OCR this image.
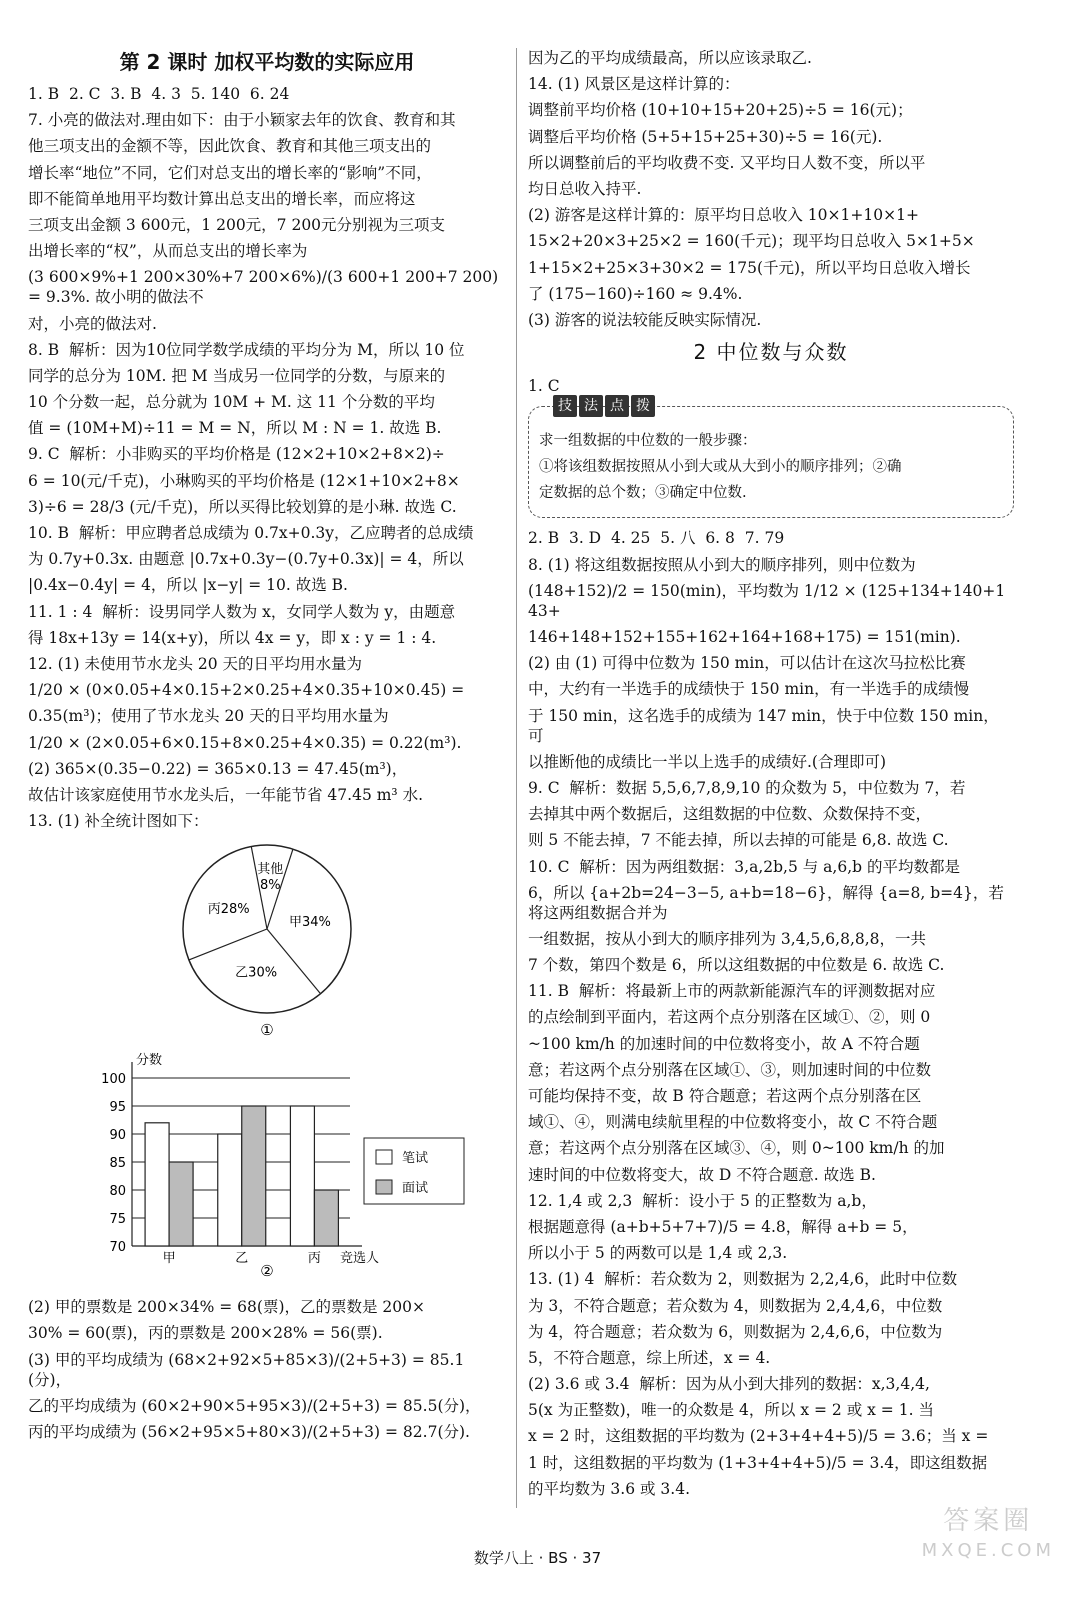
第 2 课时 加权平均数的实际应用
1. B  2. C  3. B  4. 3  5. 140  6. 24
7. 小亮的做法对.理由如下：由于小颖家去年的饮食、教育和其
他三项支出的金额不等，因此饮食、教育和其他三项支出的
增长率“地位”不同，它们对总支出的增长率的“影响”不同，
即不能简单地用平均数计算出总支出的增长率，而应将这
三项支出金额 3 600元，1 200元，7 200元分别视为三项支
出增长率的“权”，从而总支出的增长率为
(3 600×9%+1 200×30%+7 200×6%)/(3 600+1 200+7 200) = 9.3%. 故小明的做法不
对，小亮的做法对.
8. B  解析：因为10位同学数学成绩的平均分为 M，所以 10 位
同学的总分为 10M. 把 M 当成另一位同学的分数，与原来的
10 个分数一起，总分就为 10M + M. 这 11 个分数的平均
值 = (10M+M)÷11 = M = N，所以 M : N = 1. 故选 B.
9. C  解析：小非购买的平均价格是 (12×2+10×2+8×2)÷
6 = 10(元/千克)，小琳购买的平均价格是 (12×1+10×2+8×
3)÷6 = 28/3 (元/千克)，所以买得比较划算的是小琳. 故选 C.
10. B  解析：甲应聘者总成绩为 0.7x+0.3y，乙应聘者的总成绩
为 0.7y+0.3x. 由题意 |0.7x+0.3y−(0.7y+0.3x)| = 4，所以
|0.4x−0.4y| = 4，所以 |x−y| = 10. 故选 B.
11. 1 : 4  解析：设男同学人数为 x，女同学人数为 y，由题意
得 18x+13y = 14(x+y)，所以 4x = y，即 x : y = 1 : 4.
12. (1) 未使用节水龙头 20 天的日平均用水量为
1/20 × (0×0.05+4×0.15+2×0.25+4×0.35+10×0.45) =
0.35(m³)；使用了节水龙头 20 天的日平均用水量为
1/20 × (2×0.05+6×0.15+8×0.25+4×0.35) = 0.22(m³).
(2) 365×(0.35−0.22) = 365×0.13 = 47.45(m³)，
故估计该家庭使用节水龙头后，一年能节省 47.45 m³ 水.
13. (1) 补全统计图如下：
甲34%
乙30%
丙28%
其他
8%
①
分数
70
75
80
85
90
95
100
甲	乙	丙 竞选人
笔试
面试
②
(2) 甲的票数是 200×34% = 68(票)，乙的票数是 200×
30% = 60(票)，丙的票数是 200×28% = 56(票).
(3) 甲的平均成绩为 (68×2+92×5+85×3)/(2+5+3) = 85.1(分)，
乙的平均成绩为 (60×2+90×5+95×3)/(2+5+3) = 85.5(分)，
丙的平均成绩为 (56×2+95×5+80×3)/(2+5+3) = 82.7(分).
因为乙的平均成绩最高，所以应该录取乙.
14. (1) 风景区是这样计算的：
调整前平均价格 (10+10+15+20+25)÷5 = 16(元)；
调整后平均价格 (5+5+15+25+30)÷5 = 16(元).
所以调整前后的平均收费不变. 又平均日人数不变，所以平
均日总收入持平.
(2) 游客是这样计算的：原平均日总收入 10×1+10×1+
15×2+20×3+25×2 = 160(千元)；现平均日总收入 5×1+5×
1+15×2+25×3+30×2 = 175(千元)，所以平均日总收入增长
了 (175−160)÷160 ≈ 9.4%.
(3) 游客的说法较能反映实际情况.
2 中位数与众数
1. C
技 法 点 拨
求一组数据的中位数的一般步骤：
①将该组数据按照从小到大或从大到小的顺序排列；②确
定数据的总个数；③确定中位数.
2. B  3. D  4. 25  5. 八  6. 8  7. 79
8. (1) 将这组数据按照从小到大的顺序排列，则中位数为
(148+152)/2 = 150(min)，平均数为 1/12 × (125+134+140+143+
146+148+152+155+162+164+168+175) = 151(min).
(2) 由 (1) 可得中位数为 150 min，可以估计在这次马拉松比赛
中，大约有一半选手的成绩快于 150 min，有一半选手的成绩慢
于 150 min，这名选手的成绩为 147 min，快于中位数 150 min，可
以推断他的成绩比一半以上选手的成绩好.(合理即可)
9. C  解析：数据 5,5,6,7,8,9,10 的众数为 5，中位数为 7，若
去掉其中两个数据后，这组数据的中位数、众数保持不变，
则 5 不能去掉，7 不能去掉，所以去掉的可能是 6,8. 故选 C.
10. C  解析：因为两组数据：3,a,2b,5 与 a,6,b 的平均数都是
6，所以 {a+2b=24−3−5, a+b=18−6}，解得 {a=8, b=4}，若将这两组数据合并为
一组数据，按从小到大的顺序排列为 3,4,5,6,8,8,8，一共
7 个数，第四个数是 6，所以这组数据的中位数是 6. 故选 C.
11. B  解析：将最新上市的两款新能源汽车的评测数据对应
的点绘制到平面内，若这两个点分别落在区域①、②，则 0
~100 km/h 的加速时间的中位数将变小，故 A 不符合题
意；若这两个点分别落在区域①、③，则加速时间的中位数
可能均保持不变，故 B 符合题意；若这两个点分别落在区
域①、④，则满电续航里程的中位数将变小，故 C 不符合题
意；若这两个点分别落在区域③、④，则 0~100 km/h 的加
速时间的中位数将变大，故 D 不符合题意. 故选 B.
12. 1,4 或 2,3  解析：设小于 5 的正整数为 a,b，
根据题意得 (a+b+5+7+7)/5 = 4.8，解得 a+b = 5，
所以小于 5 的两数可以是 1,4 或 2,3.
13. (1) 4  解析：若众数为 2，则数据为 2,2,4,6，此时中位数
为 3，不符合题意；若众数为 4，则数据为 2,4,4,6，中位数
为 4，符合题意；若众数为 6，则数据为 2,4,6,6，中位数为
5，不符合题意，综上所述，x = 4.
(2) 3.6 或 3.4  解析：因为从小到大排列的数据：x,3,4,4,
5(x 为正整数)，唯一的众数是 4，所以 x = 2 或 x = 1. 当
x = 2 时，这组数据的平均数为 (2+3+4+4+5)/5 = 3.6；当 x =
1 时，这组数据的平均数为 (1+3+4+4+5)/5 = 3.4，即这组数据
的平均数为 3.6 或 3.4.
数学八上 · BS · 37
答案圈
MXQE.COM
